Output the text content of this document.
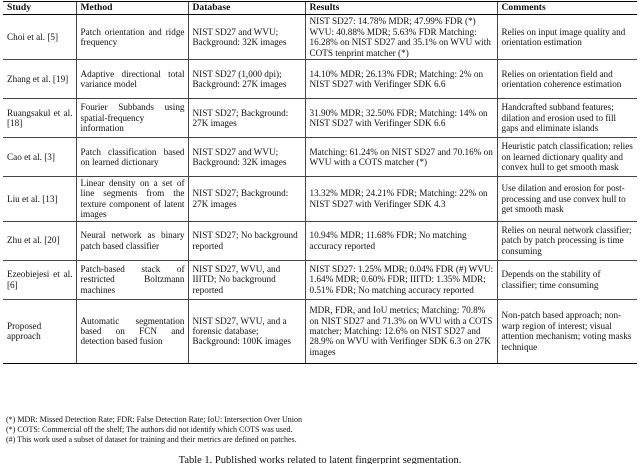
Study	Method	Database	Results	Comments
Choi et al. [5]	Patch orientation and ridge frequency	NIST SD27 and WVU; Background: 32K images	NIST SD27: 14.78% MDR; 47.99% FDR (*) WVU: 40.88% MDR; 5.63% FDR Matching: 16.28% on NIST SD27 and 35.1% on WVU with COTS tenprint matcher (*)	Relies on input image quality and orientation estimation
Zhang et al. [19]	Adaptive directional total variance model	NIST SD27 (1,000 dpi); Background: 27K images	14.10% MDR; 26.13% FDR; Matching: 2% on NIST SD27 with Verifinger SDK 6.6	Relies on orientation field and orientation coherence estimation
Ruangsakul et al. [18]	Fourier Subbands using spatial-frequency information	NIST SD27; Background: 27K images	31.90% MDR; 32.50% FDR; Matching: 14% on NIST SD27 with Verifinger SDK 6.6	Handcrafted subband features; dilation and erosion used to fill gaps and eliminate islands
Cao et al. [3]	Patch classification based on learned dictionary	NIST SD27 and WVU; Background: 32K images	Matching: 61.24% on NIST SD27 and 70.16% on WVU with a COTS matcher (*)	Heuristic patch classification; relies on learned dictionary quality and convex hull to get smooth mask
Liu et al. [13]	Linear density on a set of line segments from the texture component of latent images	NIST SD27; Background: 27K images	13.32% MDR; 24.21% FDR; Matching: 22% on NIST SD27 with Verifinger SDK 4.3	Use dilation and erosion for post-processing and use convex hull to get smooth mask
Zhu et al. [20]	Neural network as binary patch based classifier	NIST SD27; No background reported	10.94% MDR; 11.68% FDR; No matching accuracy reported	Relies on neural network classifier; patch by patch processing is time consuming
Ezeobiejesi et al. [6]	Patch-based stack of restricted Boltzmann machines	NIST SD27, WVU, and IIITD; No background reported	NIST SD27: 1.25% MDR; 0.04% FDR (#) WVU: 1.64% MDR; 0.60% FDR; IIITD: 1.35% MDR; 0.51% FDR; No matching accuracy reported	Depends on the stability of classifier; time consuming
Proposed approach	Automatic segmentation based on FCN and detection based fusion	NIST SD27, WVU, and a forensic database; Background: 100K images	MDR, FDR, and IoU metrics; Matching: 70.8% on NIST SD27 and 71.3% on WVU with a COTS matcher; Matching: 12.6% on NIST SD27 and 28.9% on WVU with Verifinger SDK 6.3 on 27K images	Non-patch based approach; non-warp region of interest; visual attention mechanism; voting masks technique
(*) MDR: Missed Detection Rate; FDR: False Detection Rate; IoU: Intersection Over Union
(*) COTS: Commercial off the shelf; The authors did not identify which COTS was used.
(#) This work used a subset of dataset for training and their metrics are defined on patches.
Table 1. Published works related to latent fingerprint segmentation.
